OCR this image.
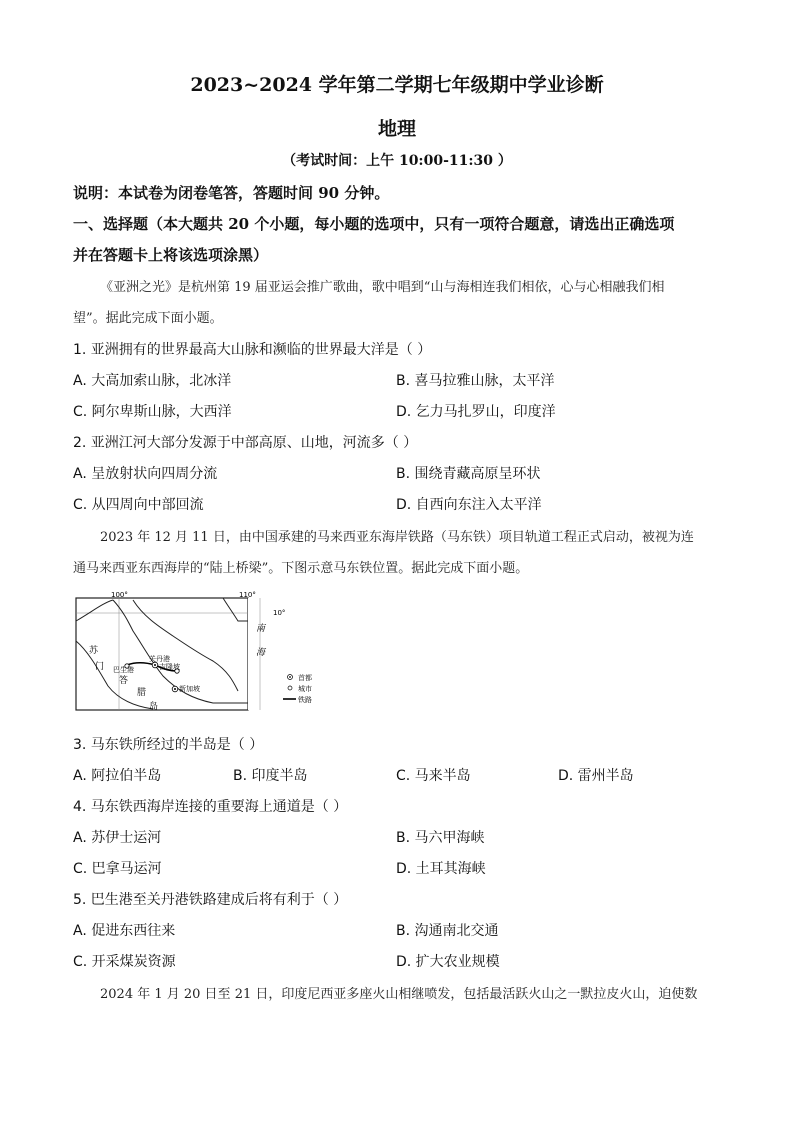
2023~2024 学年第二学期七年级期中学业诊断
地理
（考试时间：上午 10:00-11:30 ）
说明：本试卷为闭卷笔答，答题时间 90 分钟。
一、选择题（本大题共 20 个小题，每小题的选项中，只有一项符合题意，请选出正确选项
并在答题卡上将该选项涂黑）
《亚洲之光》是杭州第 19 届亚运会推广歌曲，歌中唱到“山与海相连我们相依，心与心相融我们相
望”。据此完成下面小题。
1. 亚洲拥有的世界最高大山脉和濒临的世界最大洋是（ ）
A. 大高加索山脉，北冰洋	B. 喜马拉雅山脉，太平洋
C. 阿尔卑斯山脉，大西洋	D. 乞力马扎罗山，印度洋
2. 亚洲江河大部分发源于中部高原、山地，河流多（ ）
A. 呈放射状向四周分流	B. 围绕青藏高原呈环状
C. 从四周向中部回流	D. 自西向东注入太平洋
2023 年 12 月 11 日，由中国承建的马来西亚东海岸铁路（马东铁）项目轨道工程正式启动，被视为连
通马来西亚东西海岸的“陆上桥梁”。下图示意马东铁位置。据此完成下面小题。
100°	110°
10°
南
海
苏
门
答
腊
岛
巴生港
关丹港
吉隆坡
新加坡
首都
城市
铁路
3. 马东铁所经过的半岛是（ ）
A. 阿拉伯半岛	B. 印度半岛	C. 马来半岛	D. 雷州半岛
4. 马东铁西海岸连接的重要海上通道是（ ）
A. 苏伊士运河	B. 马六甲海峡
C. 巴拿马运河	D. 土耳其海峡
5. 巴生港至关丹港铁路建成后将有利于（ ）
A. 促进东西往来	B. 沟通南北交通
C. 开采煤炭资源	D. 扩大农业规模
2024 年 1 月 20 日至 21 日，印度尼西亚多座火山相继喷发，包括最活跃火山之一默拉皮火山，迫使数
